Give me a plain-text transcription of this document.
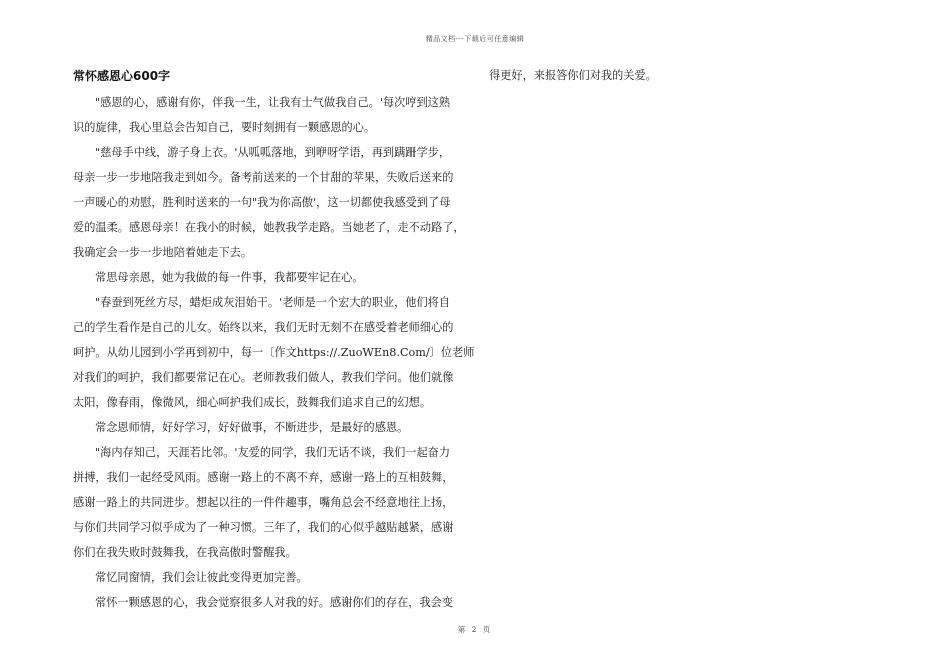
精品文档---下载后可任意编辑
常怀感恩心600字

"感恩的心，感谢有你，伴我一生，让我有士气做我自己。'每次哼到这熟
识的旋律，我心里总会告知自己，要时刻拥有一颗感恩的心。

"慈母手中线，游子身上衣。'从呱呱落地，到咿呀学语，再到蹒跚学步，
母亲一步一步地陪我走到如今。备考前送来的一个甘甜的苹果，失败后送来的
一声暖心的劝慰，胜利时送来的一句"我为你高傲'，这一切都使我感受到了母
爱的温柔。感恩母亲！在我小的时候，她教我学走路。当她老了，走不动路了，
我确定会一步一步地陪着她走下去。

常思母亲恩，她为我做的每一件事，我都要牢记在心。

"春蚕到死丝方尽，蜡炬成灰泪始干。'老师是一个宏大的职业，他们将自
己的学生看作是自己的儿女。始终以来，我们无时无刻不在感受着老师细心的
呵护。从幼儿园到小学再到初中，每一〔作文https://.ZuoWEn8.Com/〕位老师
对我们的呵护，我们都要常记在心。老师教我们做人，教我们学问。他们就像
太阳，像春雨，像微风，细心呵护我们成长，鼓舞我们追求自己的幻想。

常念恩师情，好好学习，好好做事，不断进步，是最好的感恩。

"海内存知己，天涯若比邻。'友爱的同学，我们无话不谈，我们一起奋力
拼搏，我们一起经受风雨。感谢一路上的不离不弃，感谢一路上的互相鼓舞，
感谢一路上的共同进步。想起以往的一件件趣事，嘴角总会不经意地往上扬，
与你们共同学习似乎成为了一种习惯。三年了，我们的心似乎越贴越紧，感谢
你们在我失败时鼓舞我，在我高傲时警醒我。

常忆同窗情，我们会让彼此变得更加完善。

常怀一颗感恩的心，我会觉察很多人对我的好。感谢你们的存在，我会变

得更好，来报答你们对我的关爱。
第 2 页
